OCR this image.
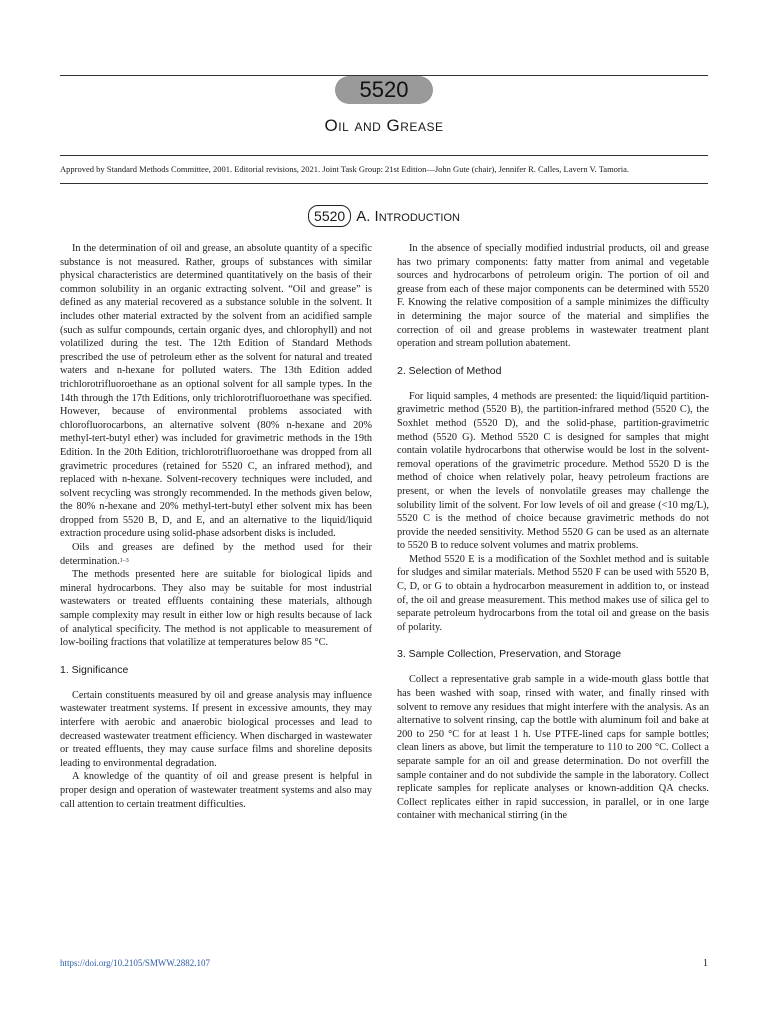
5520
Oil and Grease
Approved by Standard Methods Committee, 2001. Editorial revisions, 2021. Joint Task Group: 21st Edition—John Gute (chair), Jennifer R. Calles, Lavern V. Tamoria.
5520 A. Introduction

In the determination of oil and grease, an absolute quantity of a specific substance is not measured. Rather, groups of substances with similar physical characteristics are determined quantitatively on the basis of their common solubility in an organic extracting solvent. “Oil and grease” is defined as any material recovered as a substance soluble in the solvent. It includes other material extracted by the solvent from an acidified sample (such as sulfur compounds, certain organic dyes, and chlorophyll) and not volatilized during the test. The 12th Edition of Standard Methods prescribed the use of petroleum ether as the solvent for natural and treated waters and n-hexane for polluted waters. The 13th Edition added trichlorotrifluoroethane as an optional solvent for all sample types. In the 14th through the 17th Editions, only trichlorotrifluoroethane was specified. However, because of environmental problems associated with chlorofluorocarbons, an alternative solvent (80% n-hexane and 20% methyl-tert-butyl ether) was included for gravimetric methods in the 19th Edition. In the 20th Edition, trichlorotrifluoroethane was dropped from all gravimetric procedures (retained for 5520 C, an infrared method), and replaced with n-hexane. Solvent-recovery techniques were included, and solvent recycling was strongly recommended. In the methods given below, the 80% n-hexane and 20% methyl-tert-butyl ether solvent mix has been dropped from 5520 B, D, and E, and an alternative to the liquid/liquid extraction procedure using solid-phase adsorbent disks is included.

Oils and greases are defined by the method used for their determination.$^{1-3}$

The methods presented here are suitable for biological lipids and mineral hydrocarbons. They also may be suitable for most industrial wastewaters or treated effluents containing these materials, although sample complexity may result in either low or high results because of lack of analytical specificity. The method is not applicable to measurement of low-boiling fractions that volatilize at temperatures below 85 °C.

1. Significance

Certain constituents measured by oil and grease analysis may influence wastewater treatment systems. If present in excessive amounts, they may interfere with aerobic and anaerobic biological processes and lead to decreased wastewater treatment efficiency. When discharged in wastewater or treated effluents, they may cause surface films and shoreline deposits leading to environmental degradation.

A knowledge of the quantity of oil and grease present is helpful in proper design and operation of wastewater treatment systems and also may call attention to certain treatment difficulties.

In the absence of specially modified industrial products, oil and grease has two primary components: fatty matter from animal and vegetable sources and hydrocarbons of petroleum origin. The portion of oil and grease from each of these major components can be determined with 5520 F. Knowing the relative composition of a sample minimizes the difficulty in determining the major source of the material and simplifies the correction of oil and grease problems in wastewater treatment plant operation and stream pollution abatement.

2. Selection of Method

For liquid samples, 4 methods are presented: the liquid/liquid partition-gravimetric method (5520 B), the partition-infrared method (5520 C), the Soxhlet method (5520 D), and the solid-phase, partition-gravimetric method (5520 G). Method 5520 C is designed for samples that might contain volatile hydrocarbons that otherwise would be lost in the solvent-removal operations of the gravimetric procedure. Method 5520 D is the method of choice when relatively polar, heavy petroleum fractions are present, or when the levels of nonvolatile greases may challenge the solubility limit of the solvent. For low levels of oil and grease (<10 mg/L), 5520 C is the method of choice because gravimetric methods do not provide the needed sensitivity. Method 5520 G can be used as an alternate to 5520 B to reduce solvent volumes and matrix problems.

Method 5520 E is a modification of the Soxhlet method and is suitable for sludges and similar materials. Method 5520 F can be used with 5520 B, C, D, or G to obtain a hydrocarbon measurement in addition to, or instead of, the oil and grease measurement. This method makes use of silica gel to separate petroleum hydrocarbons from the total oil and grease on the basis of polarity.

3. Sample Collection, Preservation, and Storage

Collect a representative grab sample in a wide-mouth glass bottle that has been washed with soap, rinsed with water, and finally rinsed with solvent to remove any residues that might interfere with the analysis. As an alternative to solvent rinsing, cap the bottle with aluminum foil and bake at 200 to 250 °C for at least 1 h. Use PTFE-lined caps for sample bottles; clean liners as above, but limit the temperature to 110 to 200 °C. Collect a separate sample for an oil and grease determination. Do not overfill the sample container and do not subdivide the sample in the laboratory. Collect replicate samples for replicate analyses or known-addition QA checks. Collect replicates either in rapid succession, in parallel, or in one large container with mechanical stirring (in the

https://doi.org/10.2105/SMWW.2882.107	1
